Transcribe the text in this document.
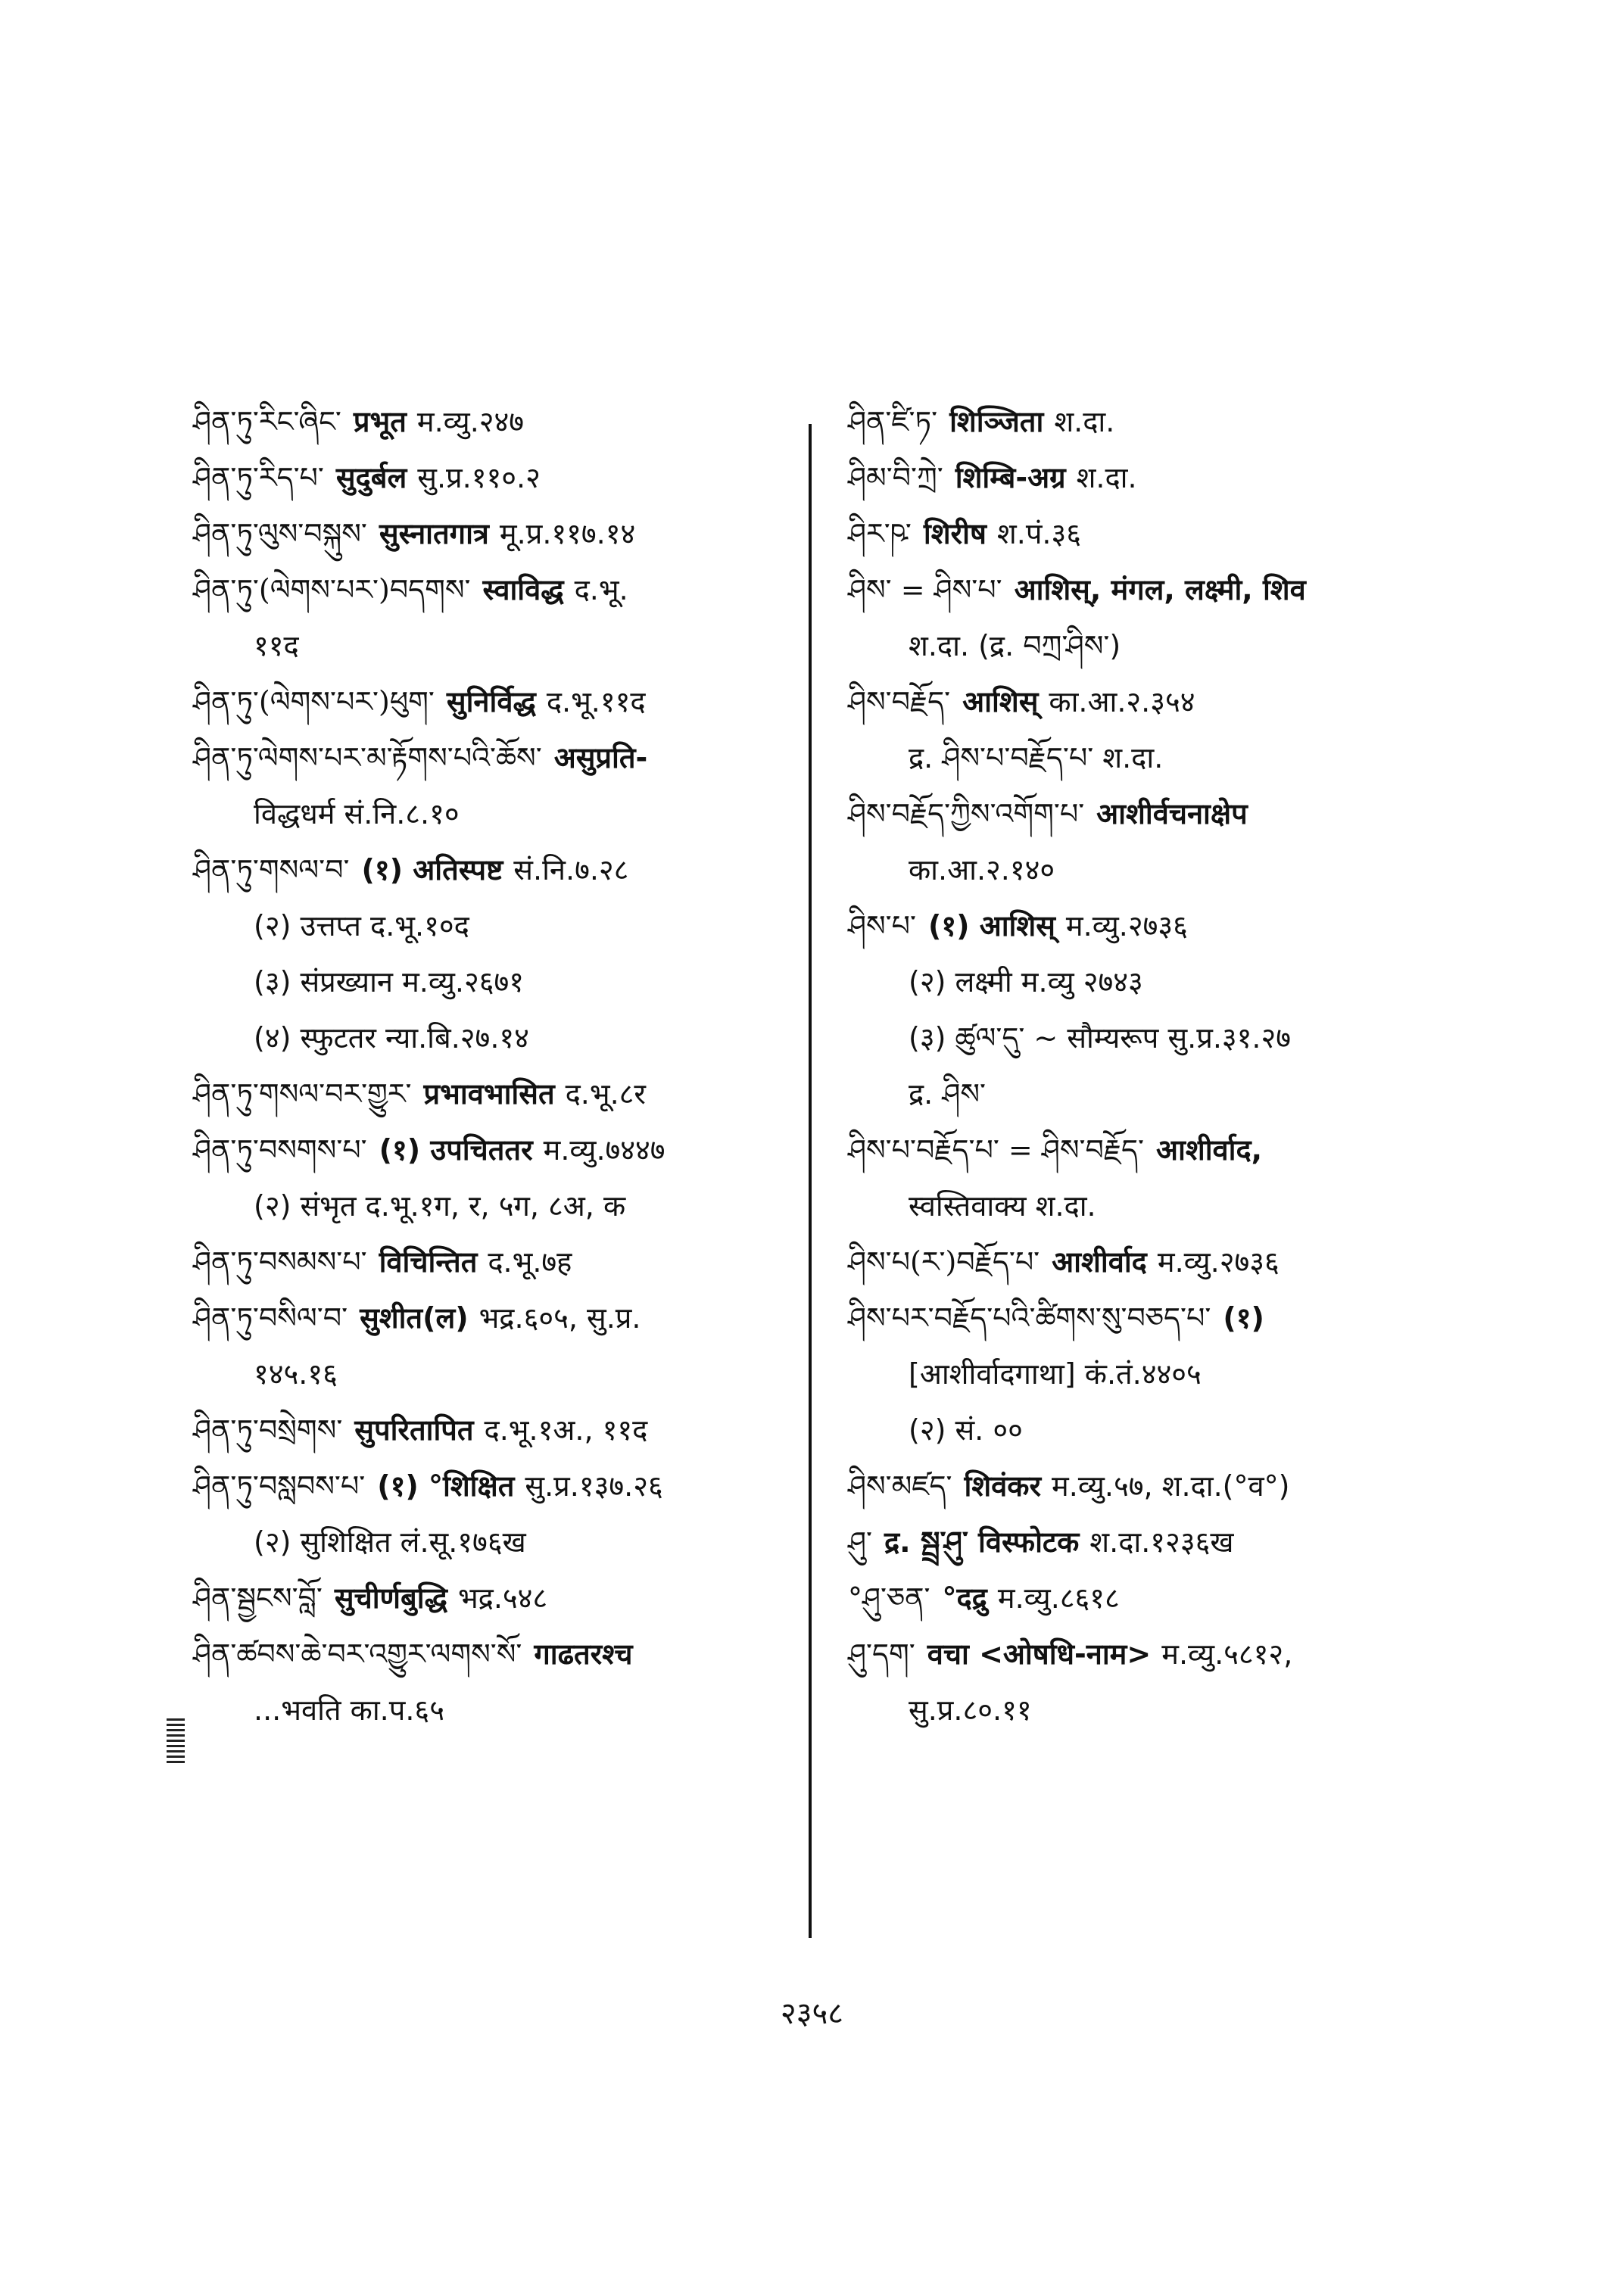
ཤིན་ཏུ་རིང་ཞིང་ प्रभूत म.व्यु.२४७
ཤིན་ཏུ་རིད་པ་ सुदुर्बल सु.प्र.११०.२
ཤིན་ཏུ་ལུས་བསྐུས་ सुस्नातगात्र मू.प्र.११७.१४
ཤིན་ཏུ་(ལེགས་པར་)བདགས་ स्वाविद्ध द.भू.
११द
ཤིན་ཏུ་(ལེགས་པར་)ཕུག་ सुनिर्विद्ध द.भू.११द
ཤིན་ཏུ་ལེགས་པར་མ་རྟོགས་པའི་ཆོས་ असुप्रति-
विद्धधर्म सं.नि.८.१०
ཤིན་ཏུ་གསལ་བ་ (१) अतिस्पष्ट सं.नि.७.२८
(२) उत्तप्त द.भू.१०द
(३) संप्रख्यान म.व्यु.२६७१
(४) स्फुटतर न्या.बि.२७.१४
ཤིན་ཏུ་གསལ་བར་གྱུར་ प्रभावभासित द.भू.८र
ཤིན་ཏུ་བསགས་པ་ (१) उपचिततर म.व्यु.७४४७
(२) संभृत द.भू.१ग, र, ५ग, ८अ, क
ཤིན་ཏུ་བསམས་པ་ विचिन्तित द.भू.७ह
ཤིན་ཏུ་བསིལ་བ་ सुशीत(ल) भद्र.६०५, सु.प्र.
१४५.१६
ཤིན་ཏུ་བསྲེགས་ सुपरितापित द.भू.१अ., ११द
ཤིན་ཏུ་བསླབས་པ་ (१) °शिक्षित सु.प्र.१३७.२६
(२) सुशिक्षित लं.सू.१७६ख
ཤིན་སྦྱངས་བློ་ सुचीर्णबुद्धि भद्र.५४८
ཤིན་ཚབས་ཆེ་བར་འགྱུར་ལགས་སོ་ गाढतरश्च
...भवति का.प.६५
ཤིན་ཛི་ཏ་ शिञ्जिता श.दा.
ཤིམ་བི་ཀྲེ་ शिम्बि-अग्र श.दा.
ཤིར་ཥ་ शिरीष श.पं.३६
ཤིས་ = ཤིས་པ་ आशिस्, मंगल, लक्ष्मी, शिव
श.दा. (द्र. བཀྲ་ཤིས་)
ཤིས་བརྗོད་ आशिस् का.आ.२.३५४
द्र. ཤིས་པ་བརྗོད་པ་ श.दा.
ཤིས་བརྗོད་ཀྱིས་འགོག་པ་ आशीर्वचनाक्षेप
का.आ.२.१४०
ཤིས་པ་ (१) आशिस् म.व्यु.२७३६
(२) लक्ष्मी म.व्यु २७४३
(३) ཚུལ་དུ་ ~ सौम्यरूप सु.प्र.३१.२७
द्र. ཤིས་
ཤིས་པ་བརྗོད་པ་ = ཤིས་བརྗོད་ आशीर्वाद,
स्वस्तिवाक्य श.दा.
ཤིས་པ(ར་)བརྗོད་པ་ आशीर्वाद म.व्यु.२७३६
ཤིས་པར་བརྗོད་པའི་ཚིགས་སུ་བཅད་པ་ (१)
[आशीर्वादगाथा] कं.तं.४४०५
(२) सं. ००
ཤིས་མཛད་ शिवंकर म.व्यु.५७, श.दा.(°व°)
ཤུ་ द्र. སྦྲ་ཤུ་ विस्फोटक श.दा.१२३६ख
°ཤུ་ཅན་ °दद्रु म.व्यु.८६१८
ཤུ་དག་ वचा <ओषधि-नाम> म.व्यु.५८१२,
सु.प्र.८०.११
२३५८
